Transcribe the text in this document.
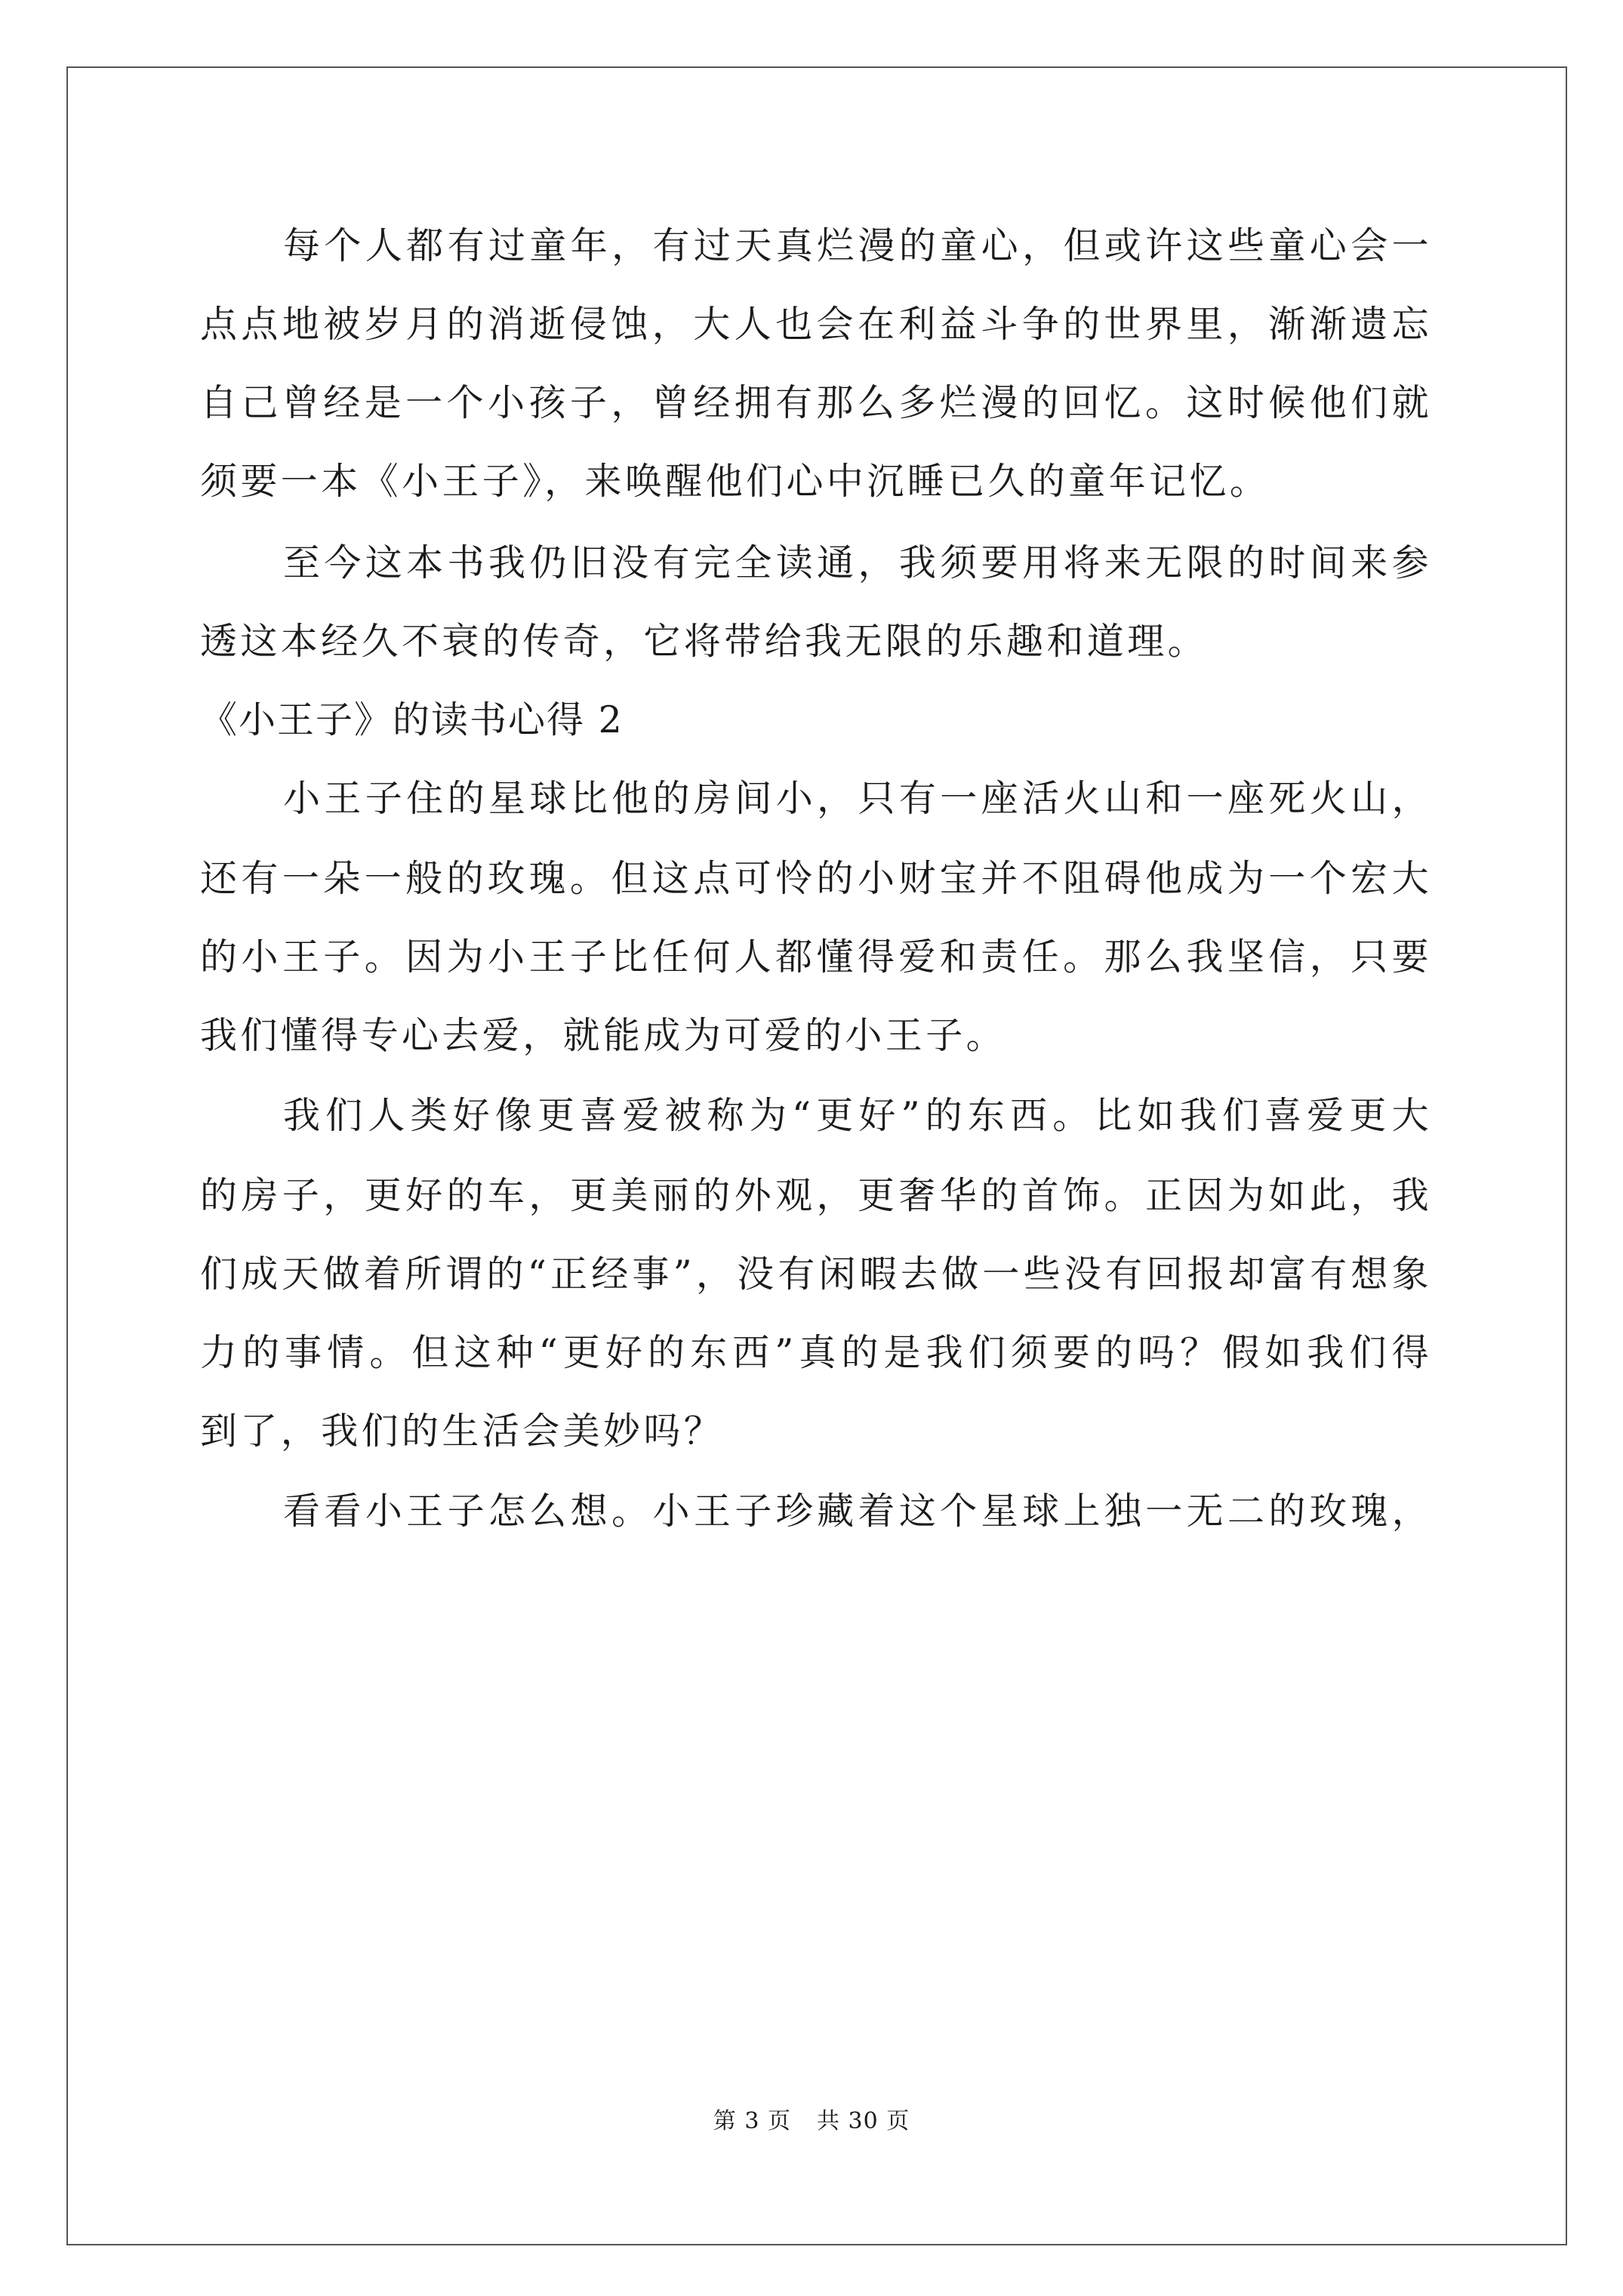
每个人都有过童年，有过天真烂漫的童心，但或许这些童心会一
点点地被岁月的消逝侵蚀，大人也会在利益斗争的世界里，渐渐遗忘
自己曾经是一个小孩子，曾经拥有那么多烂漫的回忆。这时候他们就
须要一本《小王子》，来唤醒他们心中沉睡已久的童年记忆。
至今这本书我仍旧没有完全读通，我须要用将来无限的时间来参
透这本经久不衰的传奇，它将带给我无限的乐趣和道理。
《小王子》的读书心得 2
小王子住的星球比他的房间小，只有一座活火山和一座死火山，
还有一朵一般的玫瑰。但这点可怜的小财宝并不阻碍他成为一个宏大
的小王子。因为小王子比任何人都懂得爱和责任。那么我坚信，只要
我们懂得专心去爱，就能成为可爱的小王子。
我们人类好像更喜爱被称为“更好”的东西。比如我们喜爱更大
的房子，更好的车，更美丽的外观，更奢华的首饰。正因为如此，我
们成天做着所谓的“正经事”，没有闲暇去做一些没有回报却富有想象
力的事情。但这种“更好的东西”真的是我们须要的吗？假如我们得
到了，我们的生活会美妙吗？
看看小王子怎么想。小王子珍藏着这个星球上独一无二的玫瑰，
第 3 页 共 30 页
